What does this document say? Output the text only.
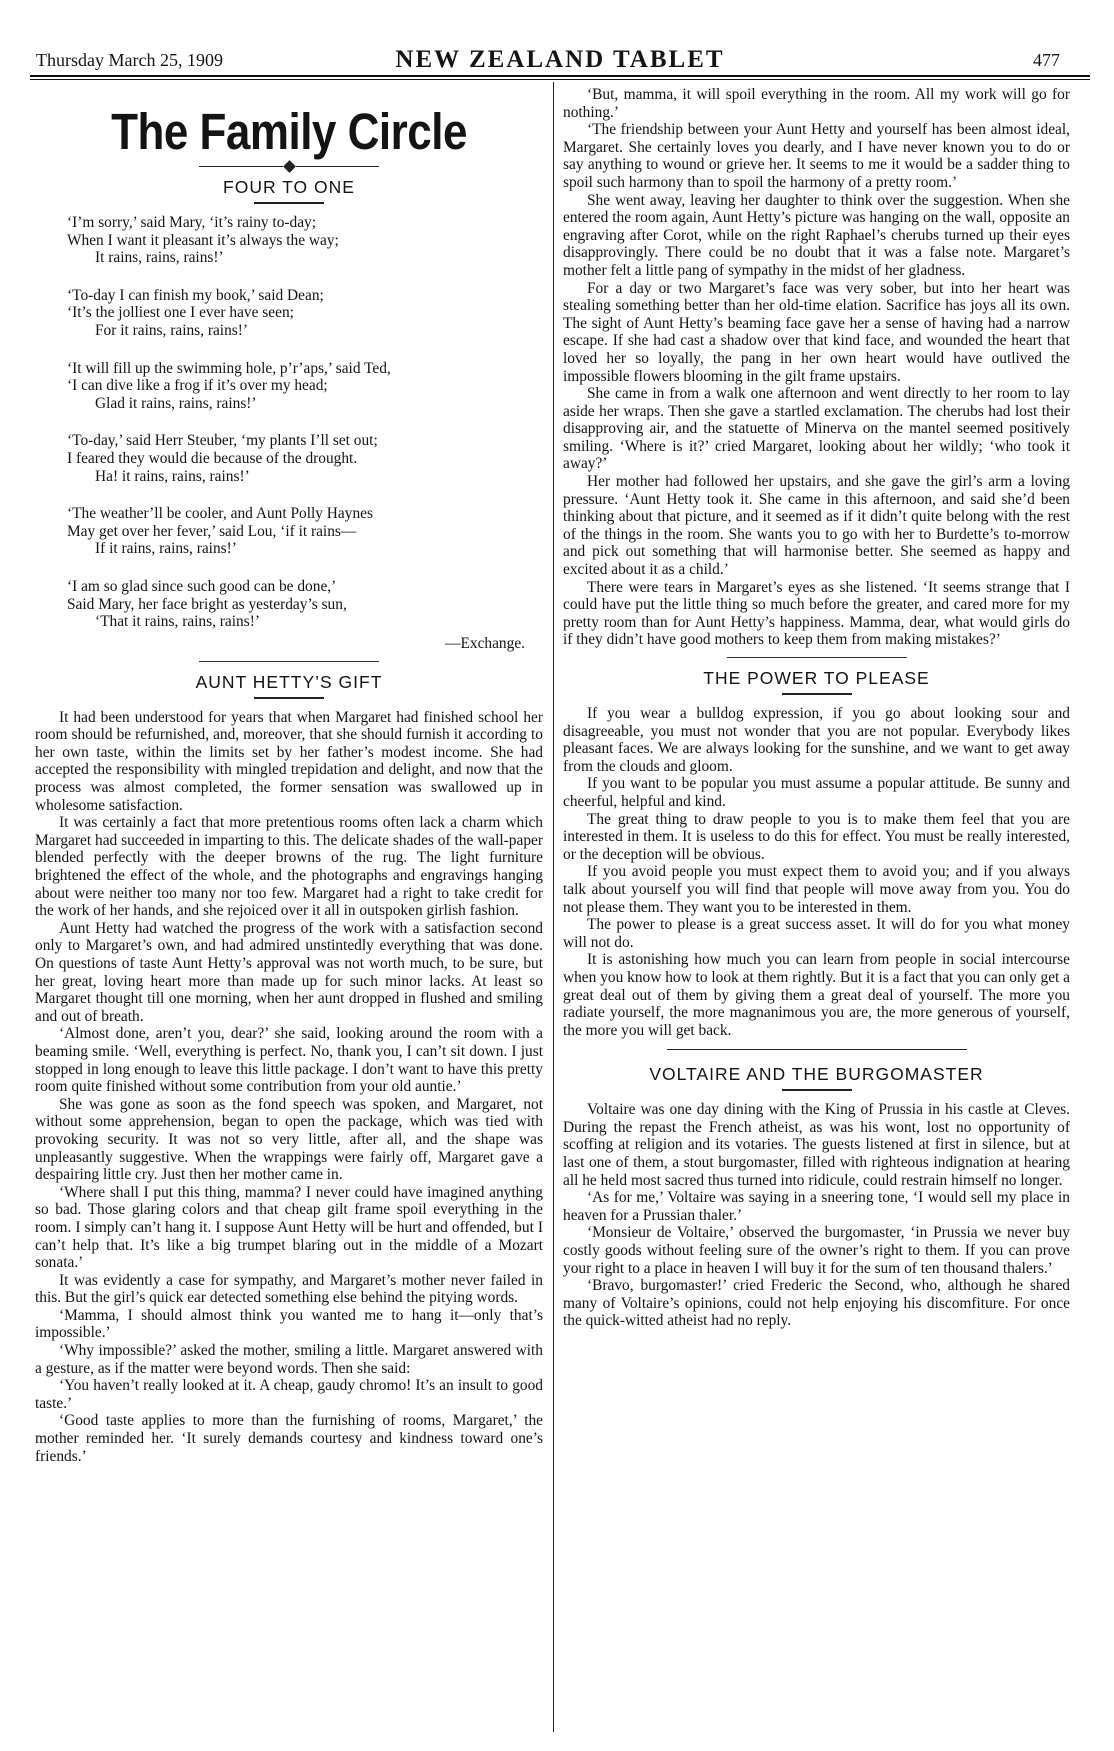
Thursday March 25, 1909	NEW ZEALAND TABLET	477
The Family Circle
FOUR TO ONE
‘I’m sorry,’ said Mary, ‘it’s rainy to-day;
When I want it pleasant it’s always the way;
It rains, rains, rains!’
‘To-day I can finish my book,’ said Dean;
‘It’s the jolliest one I ever have seen;
For it rains, rains, rains!’
‘It will fill up the swimming hole, p’r’aps,’ said Ted,
‘I can dive like a frog if it’s over my head;
Glad it rains, rains, rains!’
‘To-day,’ said Herr Steuber, ‘my plants I’ll set out;
I feared they would die because of the drought.
Ha! it rains, rains, rains!’
‘The weather’ll be cooler, and Aunt Polly Haynes
May get over her fever,’ said Lou, ‘if it rains—
If it rains, rains, rains!’
‘I am so glad since such good can be done,’
Said Mary, her face bright as yesterday’s sun,
‘That it rains, rains, rains!’
—Exchange.
AUNT HETTY’S GIFT

It had been understood for years that when Margaret had finished school her room should be refurnished, and, moreover, that she should furnish it according to her own taste, within the limits set by her father’s modest income. She had accepted the responsibility with mingled trepidation and delight, and now that the process was almost completed, the former sensation was swallowed up in wholesome satisfaction.

It was certainly a fact that more pretentious rooms often lack a charm which Margaret had succeeded in imparting to this. The delicate shades of the wall-paper blended perfectly with the deeper browns of the rug. The light furniture brightened the effect of the whole, and the photographs and engravings hanging about were neither too many nor too few. Margaret had a right to take credit for the work of her hands, and she rejoiced over it all in outspoken girlish fashion.

Aunt Hetty had watched the progress of the work with a satisfaction second only to Margaret’s own, and had admired unstintedly everything that was done. On questions of taste Aunt Hetty’s approval was not worth much, to be sure, but her great, loving heart more than made up for such minor lacks. At least so Margaret thought till one morning, when her aunt dropped in flushed and smiling and out of breath.

‘Almost done, aren’t you, dear?’ she said, looking around the room with a beaming smile. ‘Well, everything is perfect. No, thank you, I can’t sit down. I just stopped in long enough to leave this little package. I don’t want to have this pretty room quite finished without some contribution from your old auntie.’

She was gone as soon as the fond speech was spoken, and Margaret, not without some apprehension, began to open the package, which was tied with provoking security. It was not so very little, after all, and the shape was unpleasantly suggestive. When the wrappings were fairly off, Margaret gave a despairing little cry. Just then her mother came in.

‘Where shall I put this thing, mamma? I never could have imagined anything so bad. Those glaring colors and that cheap gilt frame spoil everything in the room. I simply can’t hang it. I suppose Aunt Hetty will be hurt and offended, but I can’t help that. It’s like a big trumpet blaring out in the middle of a Mozart sonata.’

It was evidently a case for sympathy, and Margaret’s mother never failed in this. But the girl’s quick ear detected something else behind the pitying words.

‘Mamma, I should almost think you wanted me to hang it—only that’s impossible.’

‘Why impossible?’ asked the mother, smiling a little. Margaret answered with a gesture, as if the matter were beyond words. Then she said:

‘You haven’t really looked at it. A cheap, gaudy chromo! It’s an insult to good taste.’

‘Good taste applies to more than the furnishing of rooms, Margaret,’ the mother reminded her. ‘It surely demands courtesy and kindness toward one’s friends.’

‘But, mamma, it will spoil everything in the room. All my work will go for nothing.’

‘The friendship between your Aunt Hetty and yourself has been almost ideal, Margaret. She certainly loves you dearly, and I have never known you to do or say anything to wound or grieve her. It seems to me it would be a sadder thing to spoil such harmony than to spoil the harmony of a pretty room.’

She went away, leaving her daughter to think over the suggestion. When she entered the room again, Aunt Hetty’s picture was hanging on the wall, opposite an engraving after Corot, while on the right Raphael’s cherubs turned up their eyes disapprovingly. There could be no doubt that it was a false note. Margaret’s mother felt a little pang of sympathy in the midst of her gladness.

For a day or two Margaret’s face was very sober, but into her heart was stealing something better than her old-time elation. Sacrifice has joys all its own. The sight of Aunt Hetty’s beaming face gave her a sense of having had a narrow escape. If she had cast a shadow over that kind face, and wounded the heart that loved her so loyally, the pang in her own heart would have outlived the impossible flowers blooming in the gilt frame upstairs.

She came in from a walk one afternoon and went directly to her room to lay aside her wraps. Then she gave a startled exclamation. The cherubs had lost their disapproving air, and the statuette of Minerva on the mantel seemed positively smiling. ‘Where is it?’ cried Margaret, looking about her wildly; ‘who took it away?’

Her mother had followed her upstairs, and she gave the girl’s arm a loving pressure. ‘Aunt Hetty took it. She came in this afternoon, and said she’d been thinking about that picture, and it seemed as if it didn’t quite belong with the rest of the things in the room. She wants you to go with her to Burdette’s to-morrow and pick out something that will harmonise better. She seemed as happy and excited about it as a child.’

There were tears in Margaret’s eyes as she listened. ‘It seems strange that I could have put the little thing so much before the greater, and cared more for my pretty room than for Aunt Hetty’s happiness. Mamma, dear, what would girls do if they didn’t have good mothers to keep them from making mistakes?’

THE POWER TO PLEASE

If you wear a bulldog expression, if you go about looking sour and disagreeable, you must not wonder that you are not popular. Everybody likes pleasant faces. We are always looking for the sunshine, and we want to get away from the clouds and gloom.

If you want to be popular you must assume a popular attitude. Be sunny and cheerful, helpful and kind.

The great thing to draw people to you is to make them feel that you are interested in them. It is useless to do this for effect. You must be really interested, or the deception will be obvious.

If you avoid people you must expect them to avoid you; and if you always talk about yourself you will find that people will move away from you. You do not please them. They want you to be interested in them.

The power to please is a great success asset. It will do for you what money will not do.

It is astonishing how much you can learn from people in social intercourse when you know how to look at them rightly. But it is a fact that you can only get a great deal out of them by giving them a great deal of yourself. The more you radiate yourself, the more magnanimous you are, the more generous of yourself, the more you will get back.

VOLTAIRE AND THE BURGOMASTER

Voltaire was one day dining with the King of Prussia in his castle at Cleves. During the repast the French atheist, as was his wont, lost no opportunity of scoffing at religion and its votaries. The guests listened at first in silence, but at last one of them, a stout burgomaster, filled with righteous indignation at hearing all he held most sacred thus turned into ridicule, could restrain himself no longer.

‘As for me,’ Voltaire was saying in a sneering tone, ‘I would sell my place in heaven for a Prussian thaler.’

‘Monsieur de Voltaire,’ observed the burgomaster, ‘in Prussia we never buy costly goods without feeling sure of the owner’s right to them. If you can prove your right to a place in heaven I will buy it for the sum of ten thousand thalers.’

‘Bravo, burgomaster!’ cried Frederic the Second, who, although he shared many of Voltaire’s opinions, could not help enjoying his discomfiture. For once the quick-witted atheist had no reply.
